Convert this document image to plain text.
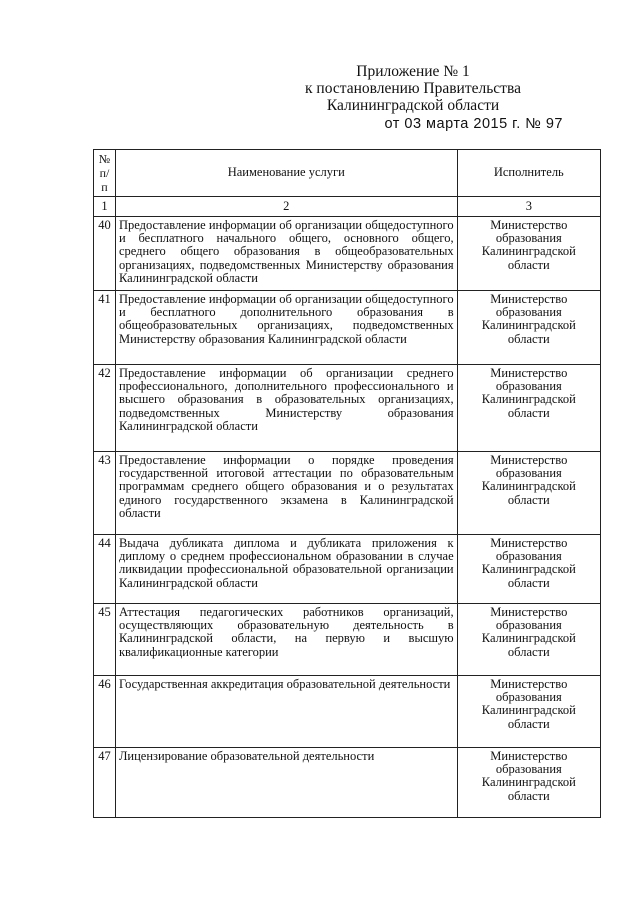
Приложение № 1
к постановлению Правительства
Калининградской области
от 03 марта 2015 г. № 97
№ п/п	Наименование услуги	Исполнитель
1	2	3
40	Предоставление информации об организации общедоступного и бесплатного начального общего, основного общего, среднего общего образования в общеобразовательных организациях, подведомственных Министерству образования Калининградской области	Министерство образования Калининградской области
41	Предоставление информации об организации общедоступного и бесплатного дополнительного образования в общеобразовательных организациях, подведомственных Министерству образования Калининградской области	Министерство образования Калининградской области
42	Предоставление информации об организации среднего профессионального, дополнительного профессионального и высшего образования в образовательных организациях, подведомственных Министерству образования Калининградской области	Министерство образования Калининградской области
43	Предоставление информации о порядке проведения государственной итоговой аттестации по образовательным программам среднего общего образования и о результатах единого государственного экзамена в Калининградской области	Министерство образования Калининградской области
44	Выдача дубликата диплома и дубликата приложения к диплому о среднем профессиональном образовании в случае ликвидации профессиональной образовательной организации Калининградской области	Министерство образования Калининградской области
45	Аттестация педагогических работников организаций, осуществляющих образовательную деятельность в Калининградской области, на первую и высшую квалификационные категории	Министерство образования Калининградской области
46	Государственная аккредитация образовательной деятельности	Министерство образования Калининградской области
47	Лицензирование образовательной деятельности	Министерство образования Калининградской области
